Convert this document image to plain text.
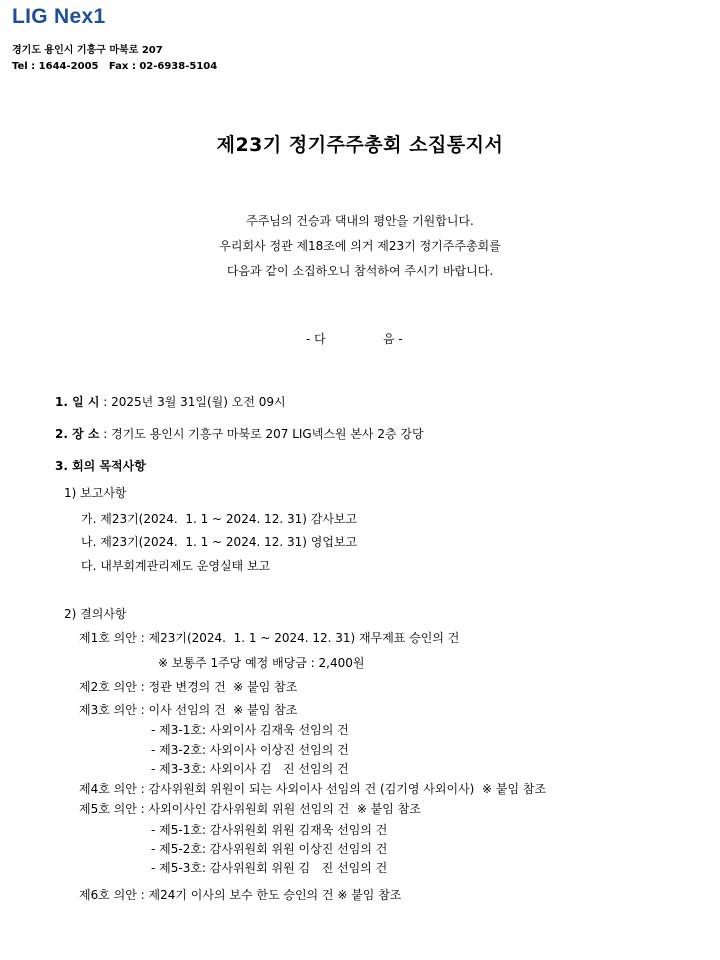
LIG Nex1
경기도 용인시 기흥구 마북로 207
Tel : 1644-2005   Fax : 02-6938-5104
제23기 정기주주총회 소집통지서
주주님의 건승과 댁내의 평안을 기원합니다.
우리회사 정관 제18조에 의거 제23기 정기주주총회를
다음과 같이 소집하오니 참석하여 주시기 바랍니다.
- 다	음 -
1. 일 시 : 2025년 3월 31일(월) 오전 09시
2. 장 소 : 경기도 용인시 기흥구 마북로 207 LIG넥스원 본사 2층 강당
3. 회의 목적사항
1) 보고사항
가. 제23기(2024.  1. 1 ~ 2024. 12. 31) 감사보고
나. 제23기(2024.  1. 1 ~ 2024. 12. 31) 영업보고
다. 내부회계관리제도 운영실태 보고
2) 결의사항
제1호 의안 : 제23기(2024.  1. 1 ~ 2024. 12. 31) 재무제표 승인의 건
※ 보통주 1주당 예정 배당금 : 2,400원
제2호 의안 : 정관 변경의 건  ※ 붙임 참조
제3호 의안 : 이사 선임의 건  ※ 붙임 참조
- 제3-1호: 사외이사 김재욱 선임의 건
- 제3-2호: 사외이사 이상진 선임의 건
- 제3-3호: 사외이사 김   진 선임의 건
제4호 의안 : 감사위원회 위원이 되는 사외이사 선임의 건 (김기영 사외이사)  ※ 붙임 참조
제5호 의안 : 사외이사인 감사위원회 위원 선임의 건  ※ 붙임 참조
- 제5-1호: 감사위원회 위원 김재욱 선임의 건
- 제5-2호: 감사위원회 위원 이상진 선임의 건
- 제5-3호: 감사위원회 위원 김   진 선임의 건
제6호 의안 : 제24기 이사의 보수 한도 승인의 건 ※ 붙임 참조
